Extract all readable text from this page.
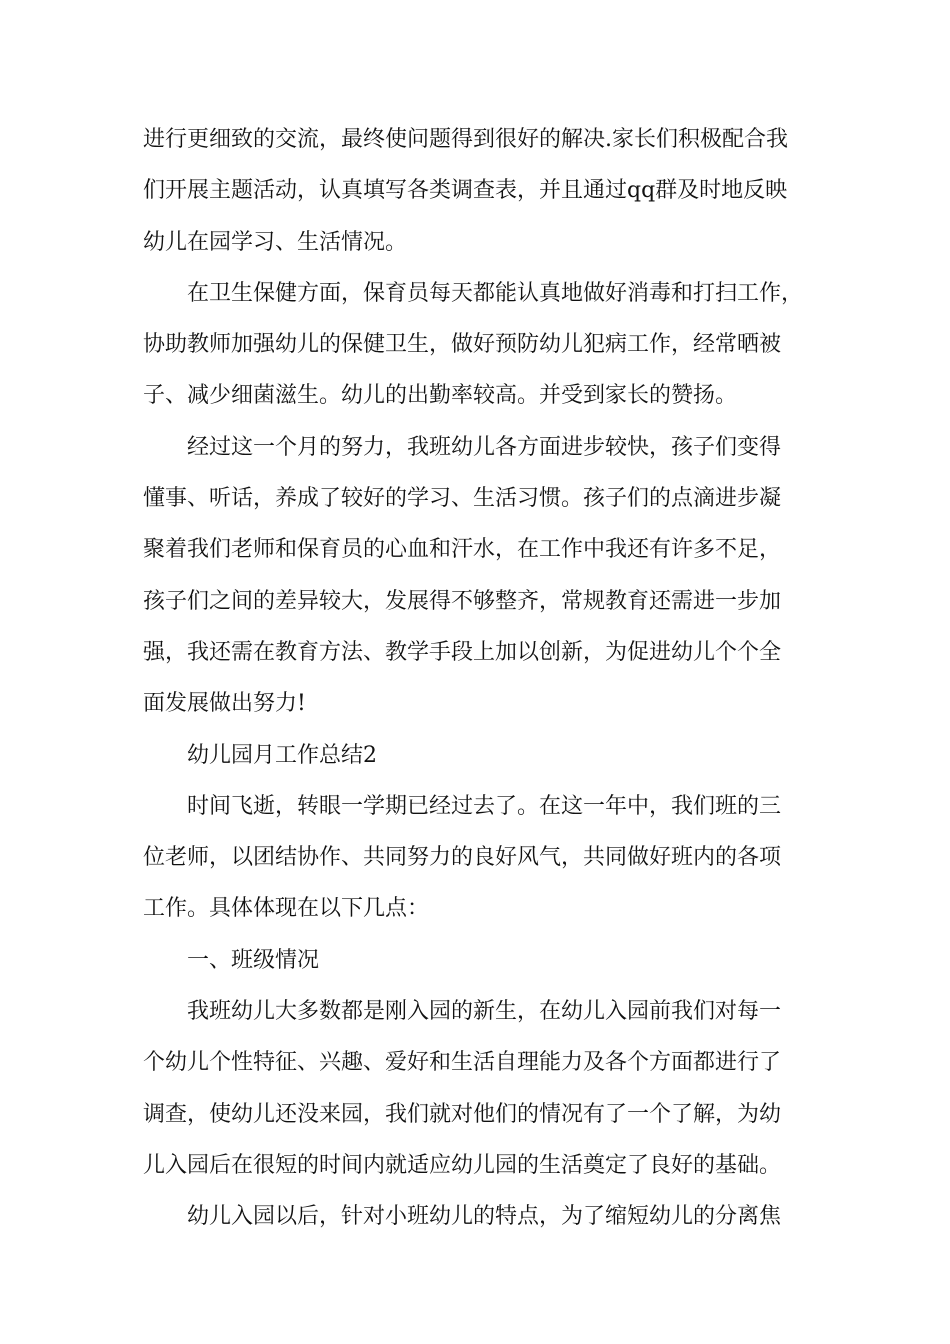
进行更细致的交流，最终使问题得到很好的解决.家长们积极配合我
们开展主题活动，认真填写各类调查表，并且通过qq群及时地反映
幼儿在园学习、生活情况。
在卫生保健方面，保育员每天都能认真地做好消毒和打扫工作，
协助教师加强幼儿的保健卫生，做好预防幼儿犯病工作，经常晒被
子、减少细菌滋生。幼儿的出勤率较高。并受到家长的赞扬。
经过这一个月的努力，我班幼儿各方面进步较快，孩子们变得
懂事、听话，养成了较好的学习、生活习惯。孩子们的点滴进步凝
聚着我们老师和保育员的心血和汗水，在工作中我还有许多不足，
孩子们之间的差异较大，发展得不够整齐，常规教育还需进一步加
强，我还需在教育方法、教学手段上加以创新，为促进幼儿个个全
面发展做出努力!
幼儿园月工作总结2
时间飞逝，转眼一学期已经过去了。在这一年中，我们班的三
位老师，以团结协作、共同努力的良好风气，共同做好班内的各项
工作。具体体现在以下几点：
一、班级情况
我班幼儿大多数都是刚入园的新生，在幼儿入园前我们对每一
个幼儿个性特征、兴趣、爱好和生活自理能力及各个方面都进行了
调查，使幼儿还没来园，我们就对他们的情况有了一个了解，为幼
儿入园后在很短的时间内就适应幼儿园的生活奠定了良好的基础。
幼儿入园以后，针对小班幼儿的特点，为了缩短幼儿的分离焦
